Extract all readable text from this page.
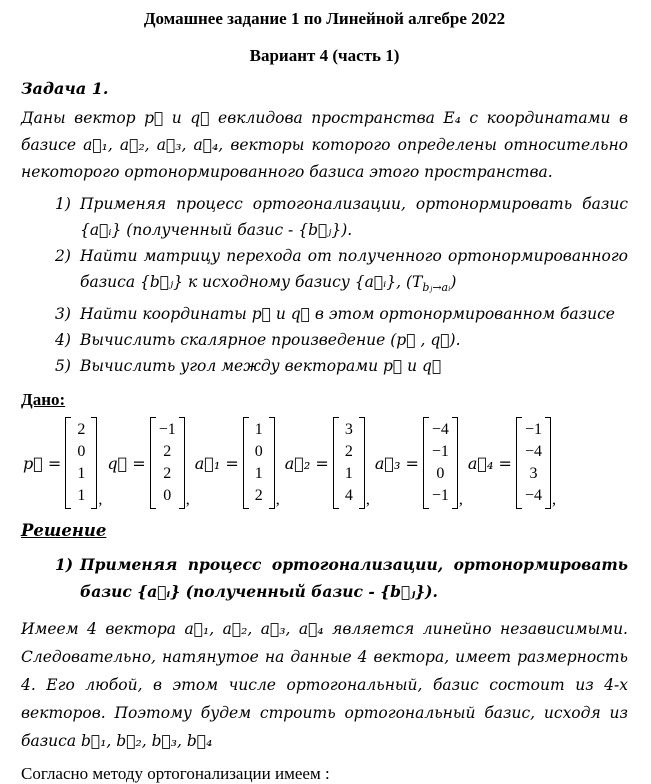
Домашнее задание 1 по Линейной алгебре 2022
Вариант 4 (часть 1)
Задача 1.
Даны вектор p⃗ и q⃗ евклидова пространства E₄ с координатами в базисе a⃗₁, a⃗₂, a⃗₃, a⃗₄, векторы которого определены относительно некоторого ортонормированного базиса этого пространства.
1) Применяя процесс ортогонализации, ортонормировать базис {a⃗ᵢ} (полученный базис - {b⃗ⱼ}).
2) Найти матрицу перехода от полученного ортонормированного базиса {b⃗ⱼ} к исходному базису {a⃗ᵢ}, $(T_{bⱼ\to aᵢ})$
3) Найти координаты p⃗ и q⃗ в этом ортонормированном базисе
4) Вычислить скалярное произведение (p⃗ , q⃗).
5) Вычислить угол между векторами p⃗ и q⃗
Дано:
p⃗ =
2
0
1
1 ,
q⃗ =
−1
2
2
0 ,
a⃗₁ =
1
0
1
2 ,
a⃗₂ =
3
2
1
4 ,
a⃗₃ =
−4
−1
0
−1 ,
a⃗₄ =
−1
−4
3
−4 ,
Решение
1) Применяя процесс ортогонализации, ортонормировать базис {a⃗ᵢ} (полученный базис - {b⃗ⱼ}).
Имеем 4 вектора a⃗₁, a⃗₂, a⃗₃, a⃗₄ является линейно независимыми. Следовательно, натянутое на данные 4 вектора, имеет размерность 4. Его любой, в этом числе ортогональный, базис состоит из 4-х векторов. Поэтому будем строить ортогональный базис, исходя из базиса b⃗₁, b⃗₂, b⃗₃, b⃗₄
Согласно методу ортогонализации имеем :
